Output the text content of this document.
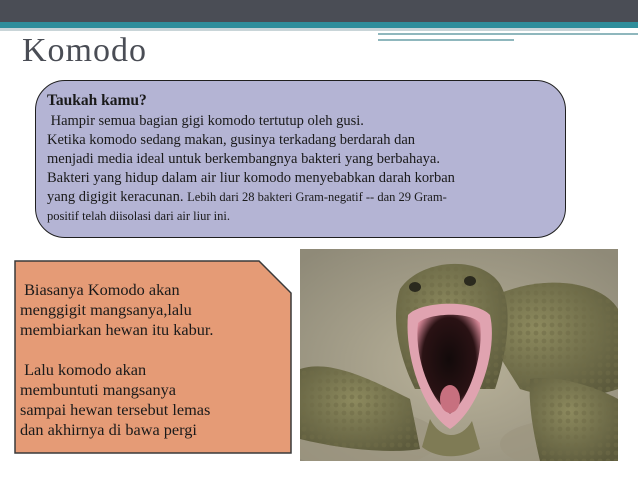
Komodo
Taukah kamu?
Hampir semua bagian gigi komodo tertutup oleh gusi.
Ketika komodo sedang makan, gusinya terkadang berdarah dan
menjadi media ideal untuk berkembangnya bakteri yang berbahaya.
Bakteri yang hidup dalam air liur komodo menyebabkan darah korban
yang digigit keracunan. Lebih dari 28 bakteri Gram-negatif -- dan 29 Gram-
positif telah diisolasi dari air liur ini.

Biasanya Komodo akan

menggigit mangsanya,lalu

membiarkan hewan itu kabur.

Lalu komodo akan

membuntuti mangsanya

sampai hewan tersebut lemas

dan akhirnya di bawa pergi
